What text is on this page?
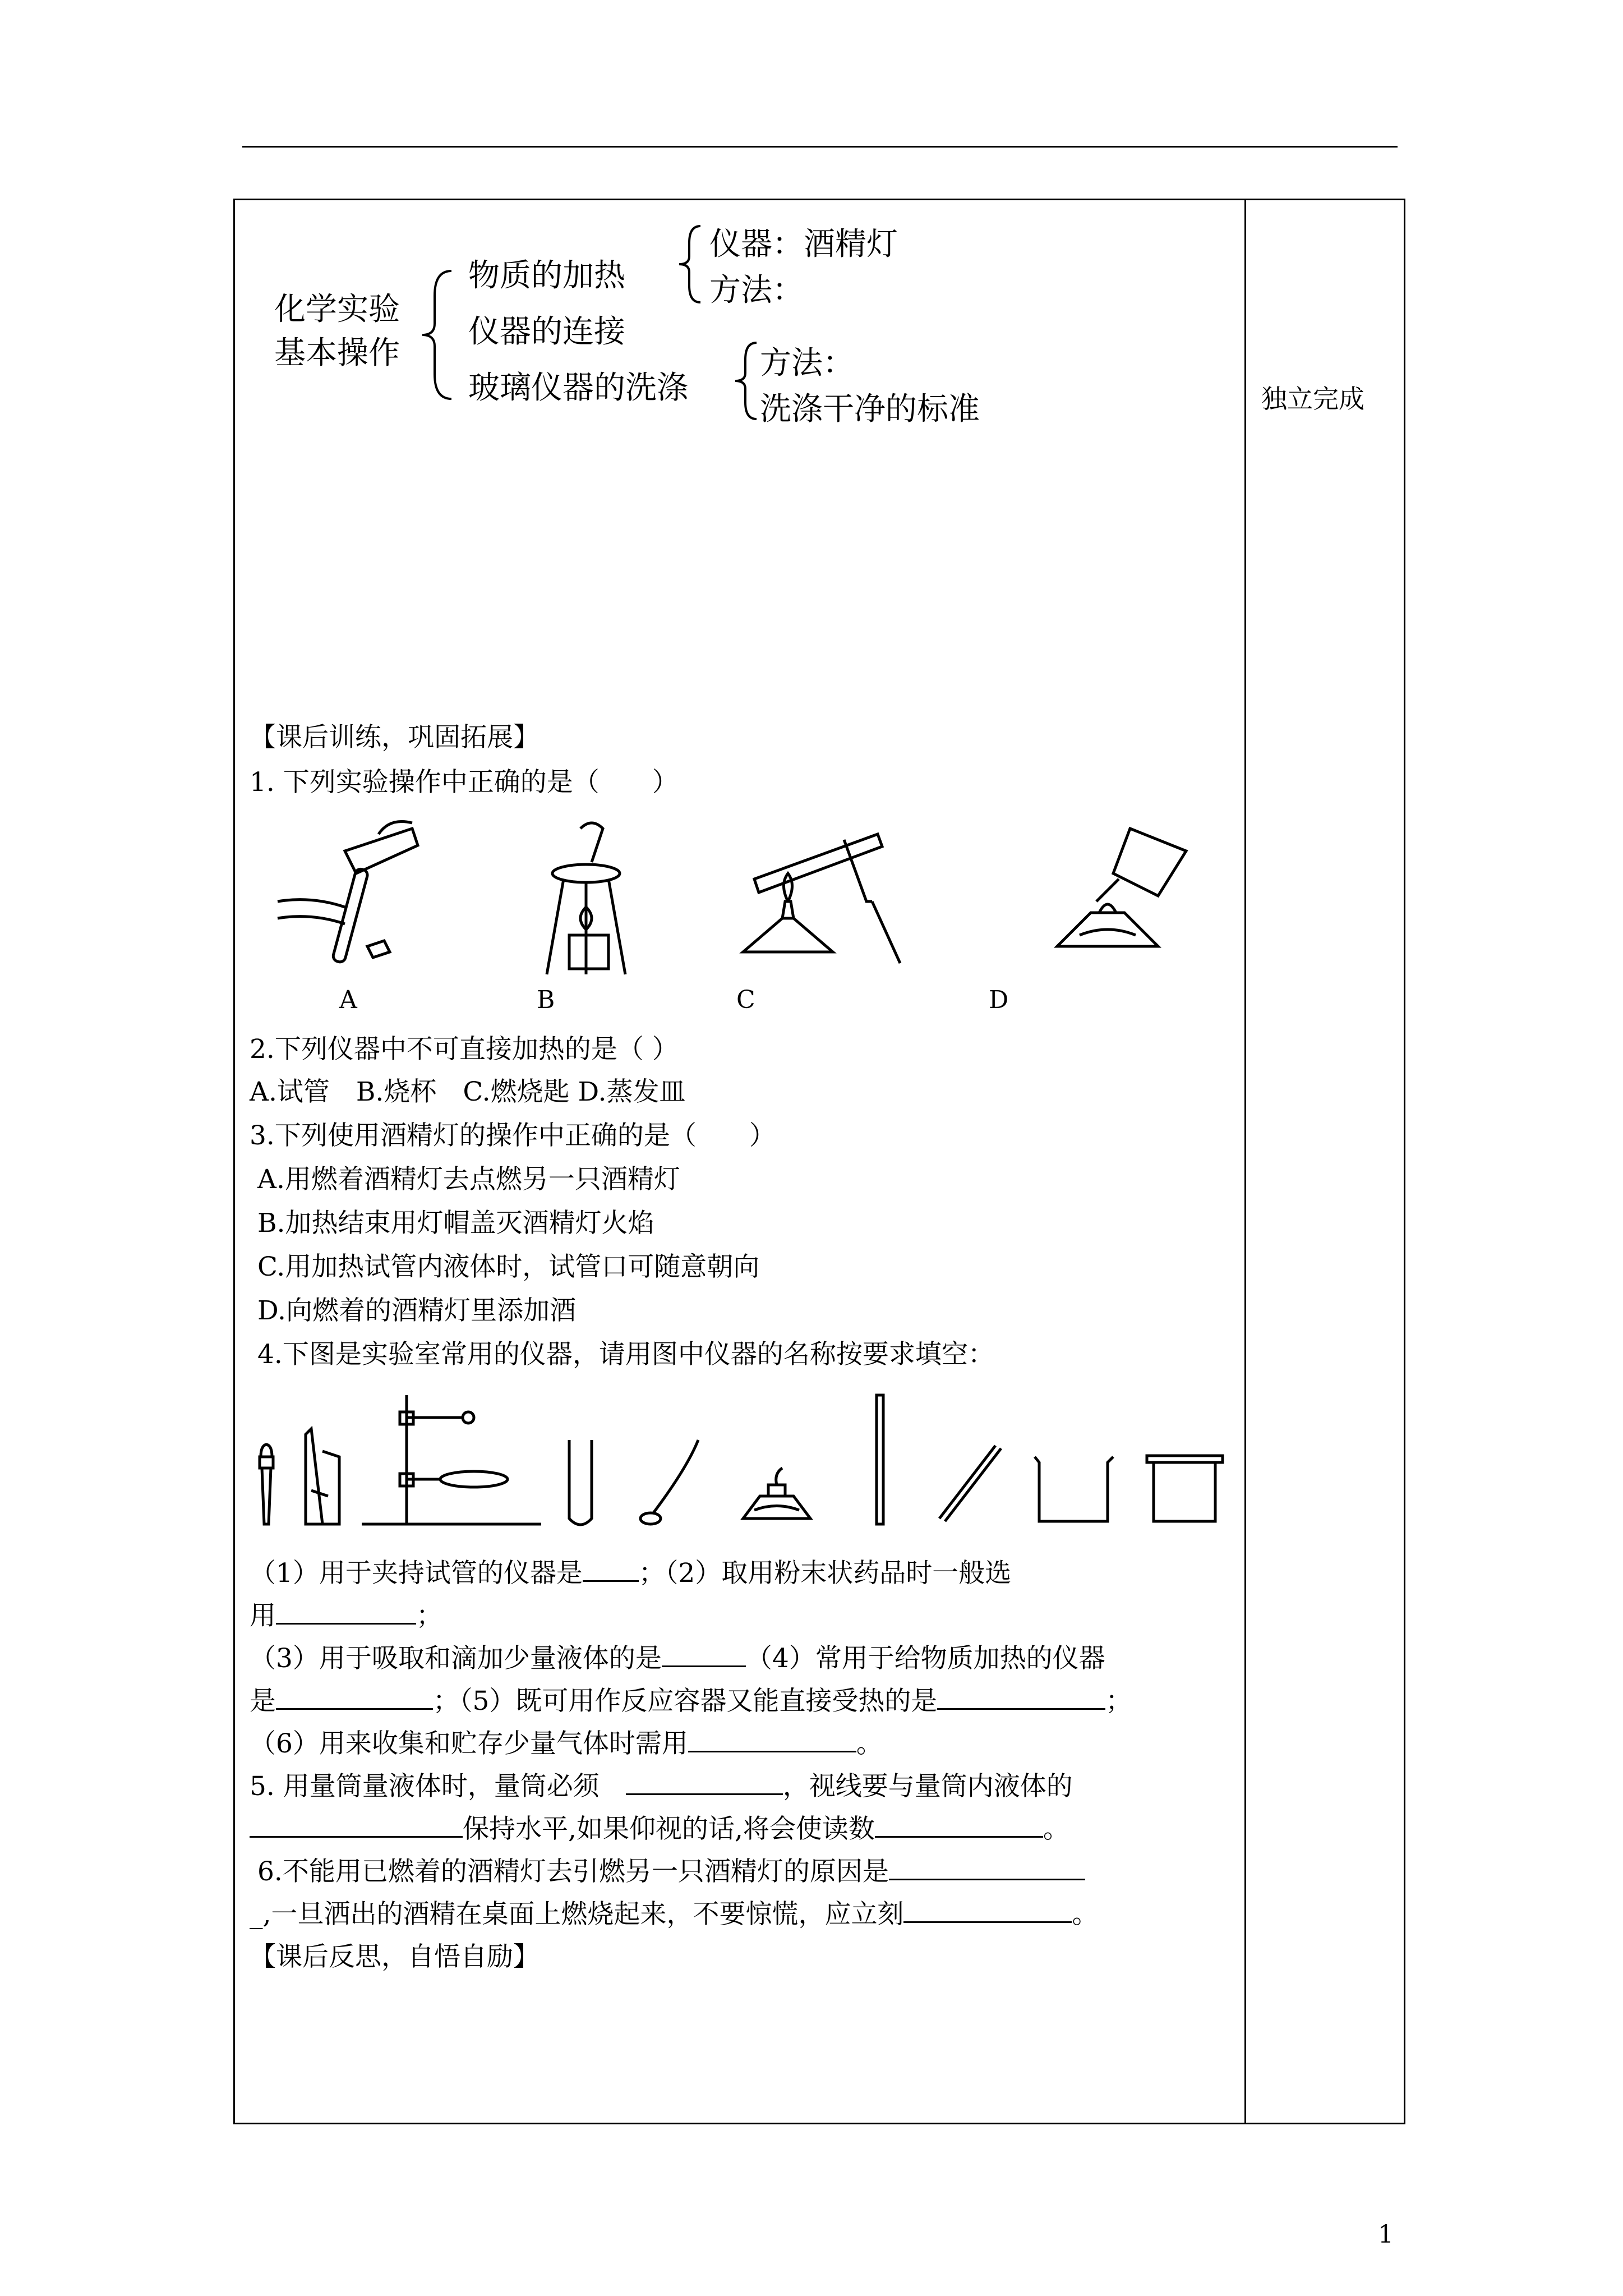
独立完成
化学实验
基本操作
物质的加热
仪器的连接
玻璃仪器的洗涤
仪器：酒精灯
方法：
方法：
洗涤干净的标准
【课后训练，巩固拓展】
1. 下列实验操作中正确的是（　　）
A	B	C	D
2.下列仪器中不可直接加热的是（ ）
A.试管　B.烧杯　C.燃烧匙 D.蒸发皿
3.下列使用酒精灯的操作中正确的是（　　）
A.用燃着酒精灯去点燃另一只酒精灯
B.加热结束用灯帽盖灭酒精灯火焰
C.用加热试管内液体时，试管口可随意朝向
D.向燃着的酒精灯里添加酒
4.下图是实验室常用的仪器，请用图中仪器的名称按要求填空：
（1）用于夹持试管的仪器是 ；（2）取用粉末状药品时一般选
用	；
（3）用于吸取和滴加少量液体的是	（4）常用于给物质加热的仪器
是	；（5）既可用作反应容器又能直接受热的是	；
（6）用来收集和贮存少量气体时需用	。
5. 用量筒量液体时，量筒必须　	，视线要与量筒内液体的
保持水平,如果仰视的话,将会使读数	。
6.不能用已燃着的酒精灯去引燃另一只酒精灯的原因是
_,一旦洒出的酒精在桌面上燃烧起来，不要惊慌，应立刻	。
【课后反思，自悟自励】
1
